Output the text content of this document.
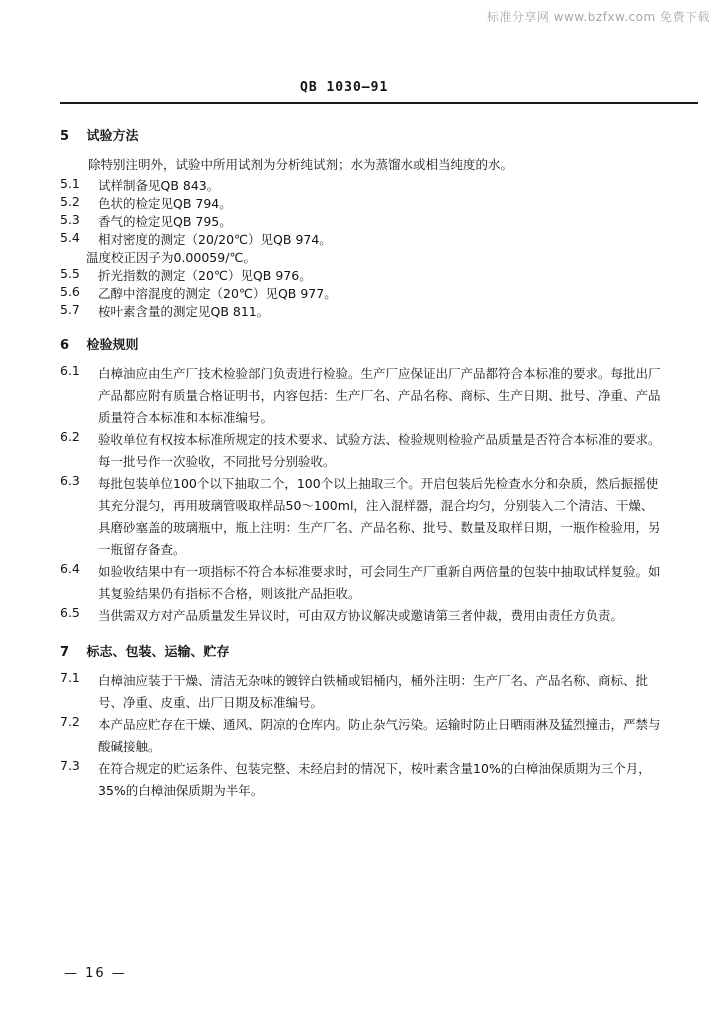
标准分享网 www.bzfxw.com 免费下载
QB 1030—91
5 试验方法

除特别注明外，试验中所用试剂为分析纯试剂；水为蒸馏水或相当纯度的水。

5.1	试样制备见QB 843。
5.2	色状的检定见QB 794。
5.3	香气的检定见QB 795。
5.4	相对密度的测定（20/20℃）见QB 974。
温度校正因子为0.00059/℃。
5.5	折光指数的测定（20℃）见QB 976。
5.6	乙醇中溶混度的测定（20℃）见QB 977。
5.7	桉叶素含量的测定见QB 811。
6 检验规则
6.1	白樟油应由生产厂技术检验部门负责进行检验。生产厂应保证出厂产品都符合本标准的要求。每批出厂产品都应附有质量合格证明书，内容包括：生产厂名、产品名称、商标、生产日期、批号、净重、产品质量符合本标准和本标准编号。
6.2	验收单位有权按本标准所规定的技术要求、试验方法、检验规则检验产品质量是否符合本标准的要求。每一批号作一次验收，不同批号分别验收。
6.3	每批包装单位100个以下抽取二个，100个以上抽取三个。开启包装后先检查水分和杂质，然后振摇使其充分混匀，再用玻璃管吸取样品50～100ml，注入混样器，混合均匀，分别装入二个清洁、干燥、具磨砂塞盖的玻璃瓶中，瓶上注明：生产厂名、产品名称、批号、数量及取样日期，一瓶作检验用，另一瓶留存备查。
6.4	如验收结果中有一项指标不符合本标准要求时，可会同生产厂重新自两倍量的包装中抽取试样复验。如其复验结果仍有指标不合格，则该批产品拒收。
6.5	当供需双方对产品质量发生异议时，可由双方协议解决或邀请第三者仲裁，费用由责任方负责。
7 标志、包装、运输、贮存
7.1	白樟油应装于干燥、清洁无杂味的镀锌白铁桶或铝桶内，桶外注明：生产厂名、产品名称、商标、批号、净重、皮重、出厂日期及标准编号。
7.2	本产品应贮存在干燥、通风、阴凉的仓库内。防止杂气污染。运输时防止日晒雨淋及猛烈撞击，严禁与酸碱接触。
7.3	在符合规定的贮运条件、包装完整、未经启封的情况下，桉叶素含量10%的白樟油保质期为三个月，35%的白樟油保质期为半年。
— 16 —
